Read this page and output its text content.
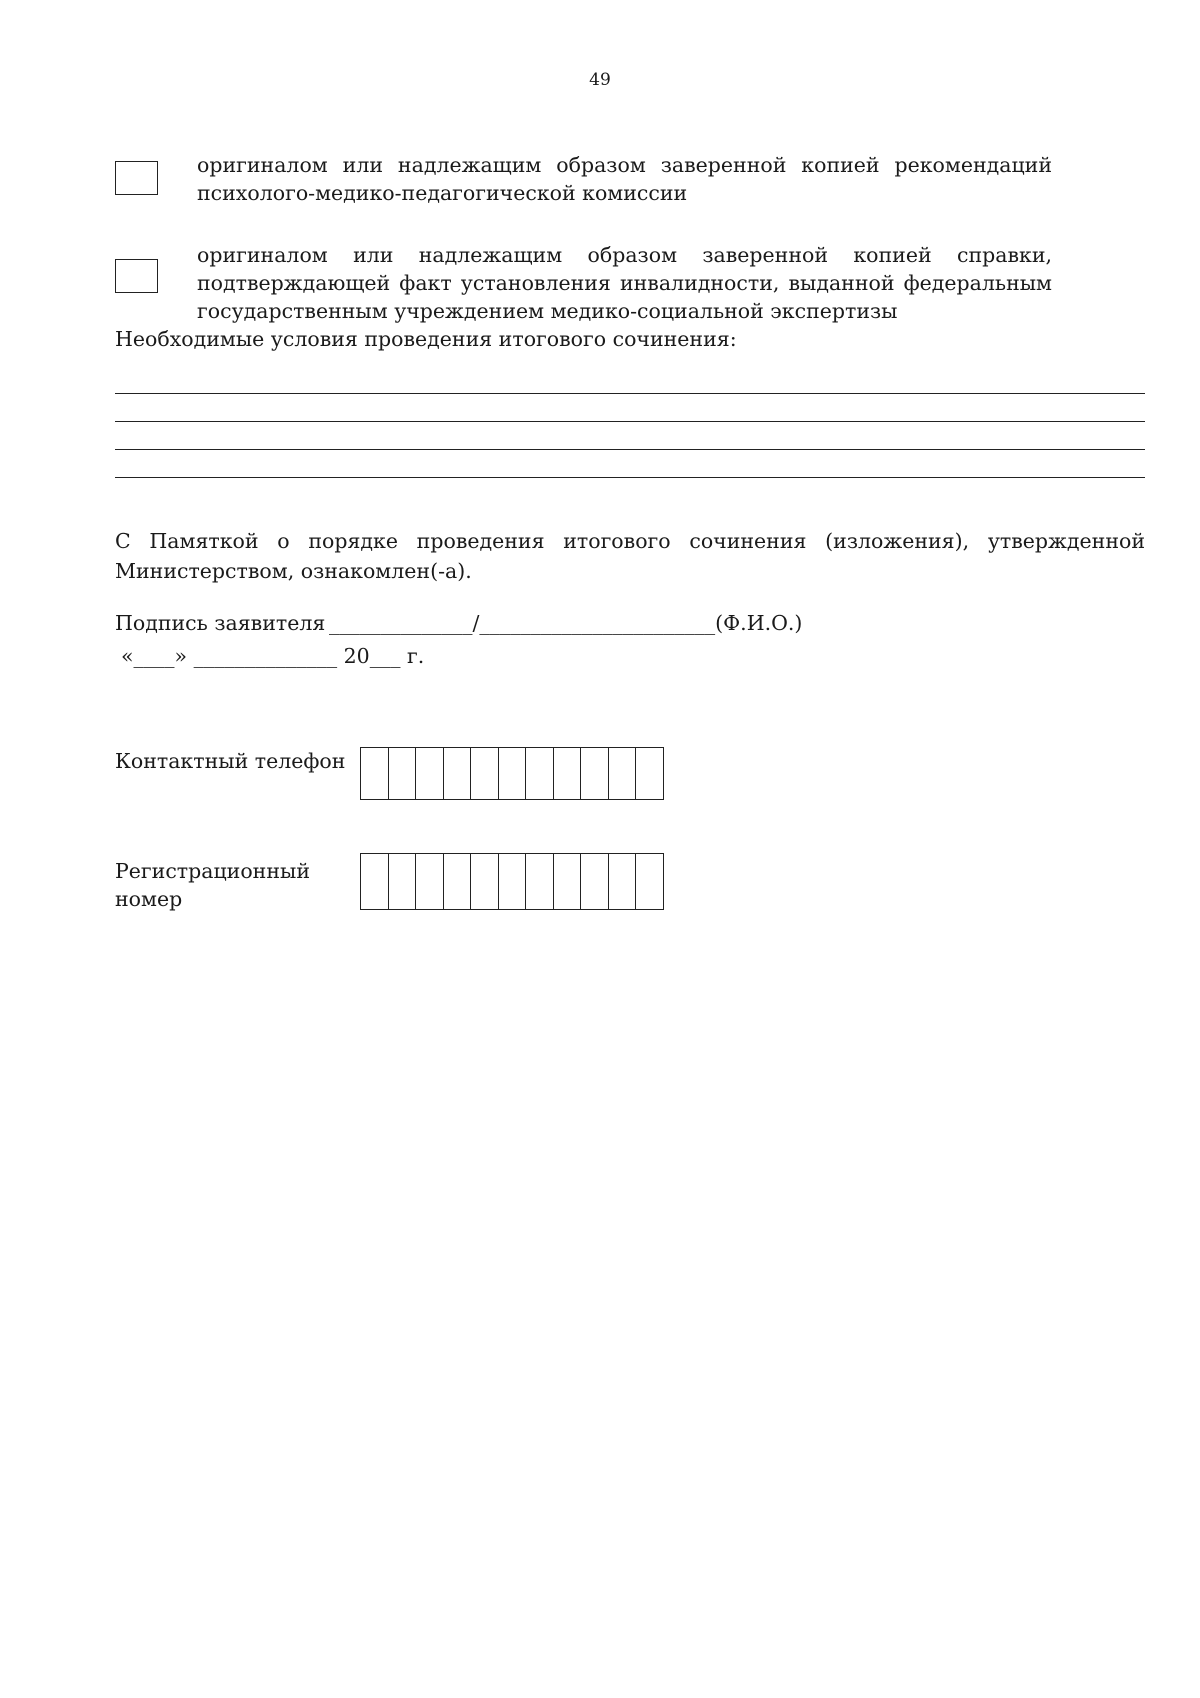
49
оригиналом или надлежащим образом заверенной копией рекомендаций
психолого-медико-педагогической комиссии
оригиналом или надлежащим образом заверенной копией справки,
подтверждающей факт установления инвалидности, выданной федеральным
государственным учреждением медико-социальной экспертизы
Необходимые условия проведения итогового сочинения:
С Памяткой о порядке проведения итогового сочинения (изложения), утвержденной
Министерством, ознакомлен(-а).
Подпись заявителя ______________/_______________________(Ф.И.О.)
«____» ______________ 20___ г.
Контактный телефон
Регистрационный
номер
